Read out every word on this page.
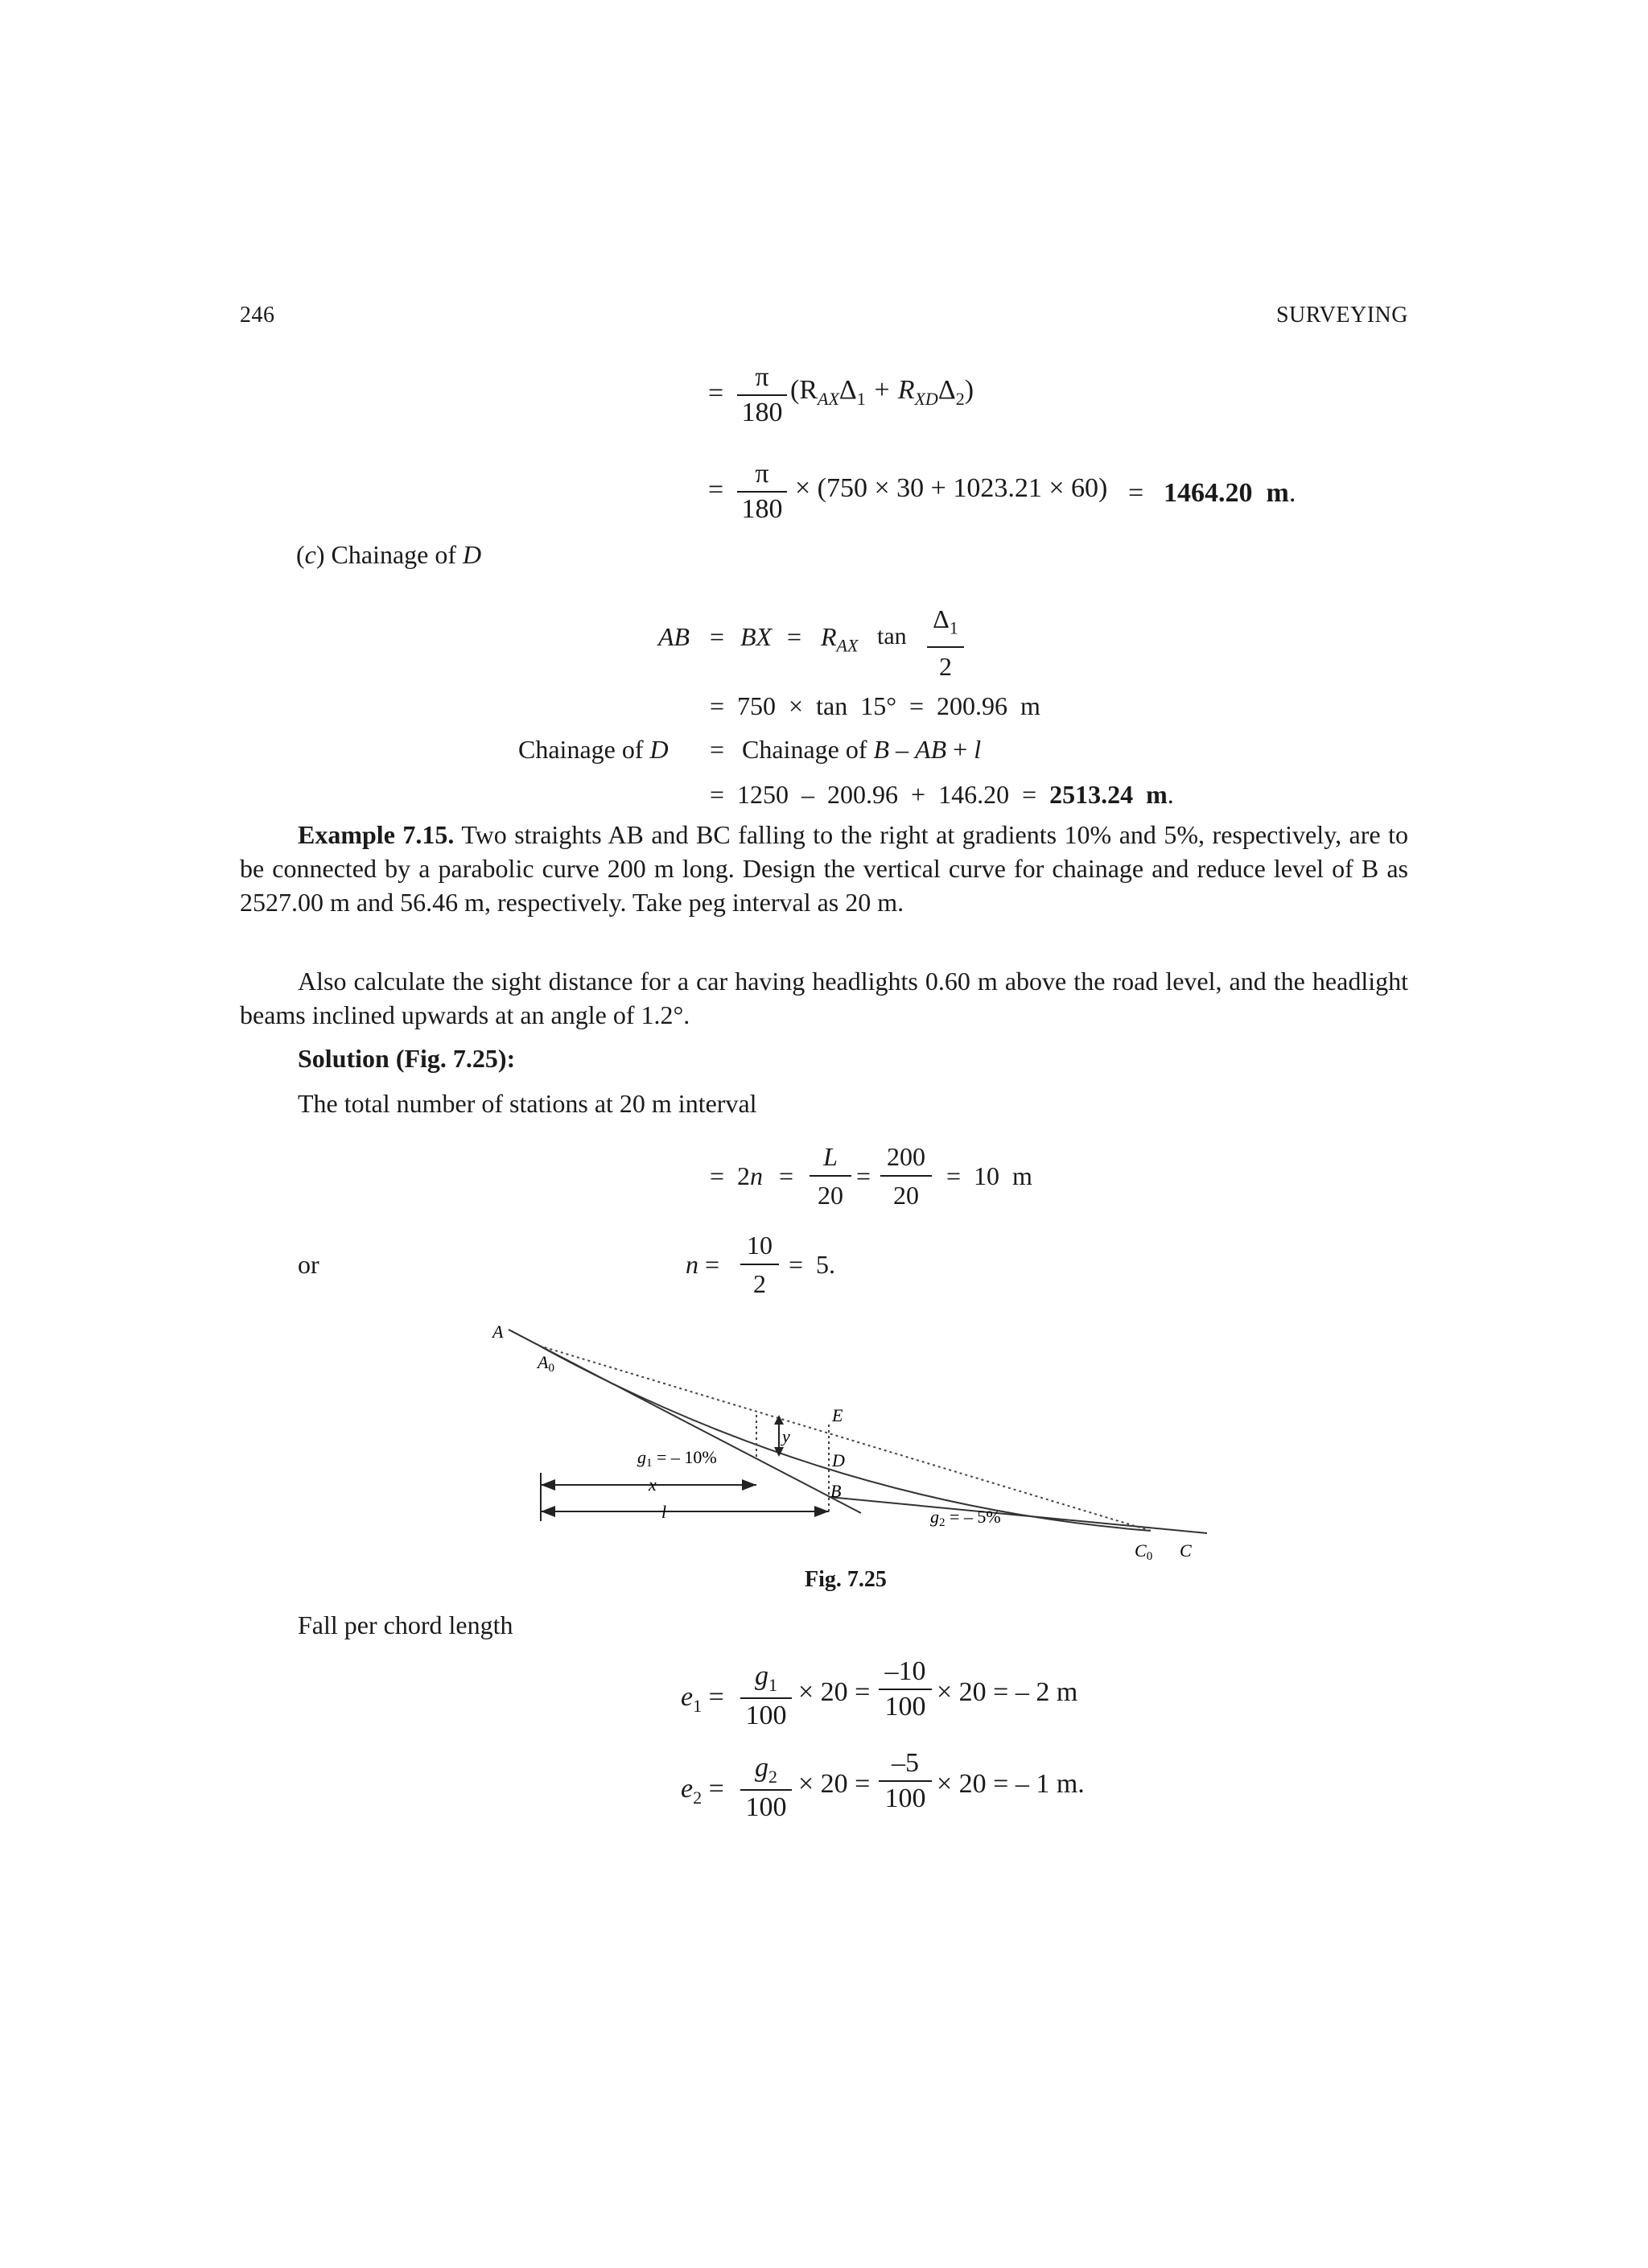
246	SURVEYING
= $\frac{\pi}{180} (R_{AX}\Delta_1 + R_{XD}\Delta_2)$
= $\frac{\pi}{180} \times (750 \times 30 + 1023.21 \times 60) = 1464.20$ m.
(c) Chainage of D
AB = BX = $R_{AX}$ $\tan \frac{\Delta_1}{2}$
=  750  ×  tan  15°  =  200.96  m
Chainage of D = Chainage of B – AB + l
=  1250  –  200.96  +  146.20  =  2513.24 m.
Example 7.15. Two straights AB and BC falling to the right at gradients 10% and 5%, respectively, are to be connected by a parabolic curve 200 m long. Design the vertical curve for chainage and reduce level of B as 2527.00 m and 56.46 m, respectively. Take peg interval as 20 m.
Also calculate the sight distance for a car having headlights 0.60 m above the road level, and the headlight beams inclined upwards at an angle of 1.2°.
Solution (Fig. 7.25):
The total number of stations at 20 m interval
=  $2n = \frac{L}{20} = \frac{200}{20} = 10$  m
or	$n = \frac{10}{2} = 5$.
A
A0
E
D
B
y
g1 = – 10%
x
l	g2 = – 5%
C0 C
Fig. 7.25
Fall per chord length
$e_1 = \frac{g_1}{100} \times 20 = \frac{-10}{100} \times 20$ = – 2 m
$e_2 = \frac{g_2}{100} \times 20 = \frac{-5}{100} \times 20$ = – 1 m.
